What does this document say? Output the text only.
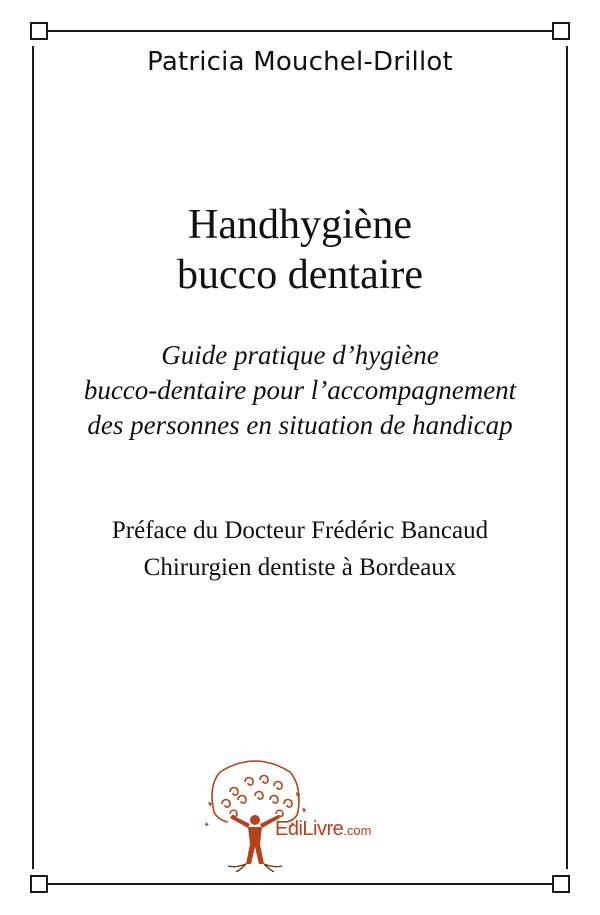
Patricia Mouchel-Drillot
Handhygiène
bucco dentaire
Guide pratique d’hygiène
bucco-dentaire pour l’accompagnement
des personnes en situation de handicap
Préface du Docteur Frédéric Bancaud
Chirurgien dentiste à Bordeaux
EdiLivre.com
